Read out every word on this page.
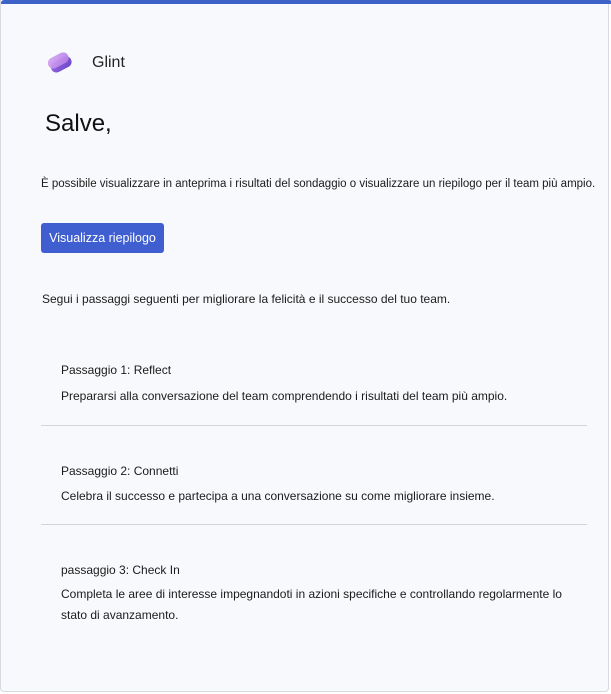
Glint
Salve,

È possibile visualizzare in anteprima i risultati del sondaggio o visualizzare un riepilogo per il team più ampio.

Visualizza riepilogo

Segui i passaggi seguenti per migliorare la felicità e il successo del tuo team.

Passaggio 1: Reflect
Prepararsi alla conversazione del team comprendendo i risultati del team più ampio.
Passaggio 2: Connetti
Celebra il successo e partecipa a una conversazione su come migliorare insieme.
passaggio 3: Check In
Completa le aree di interesse impegnandoti in azioni specifiche e controllando regolarmente lo stato di avanzamento.
